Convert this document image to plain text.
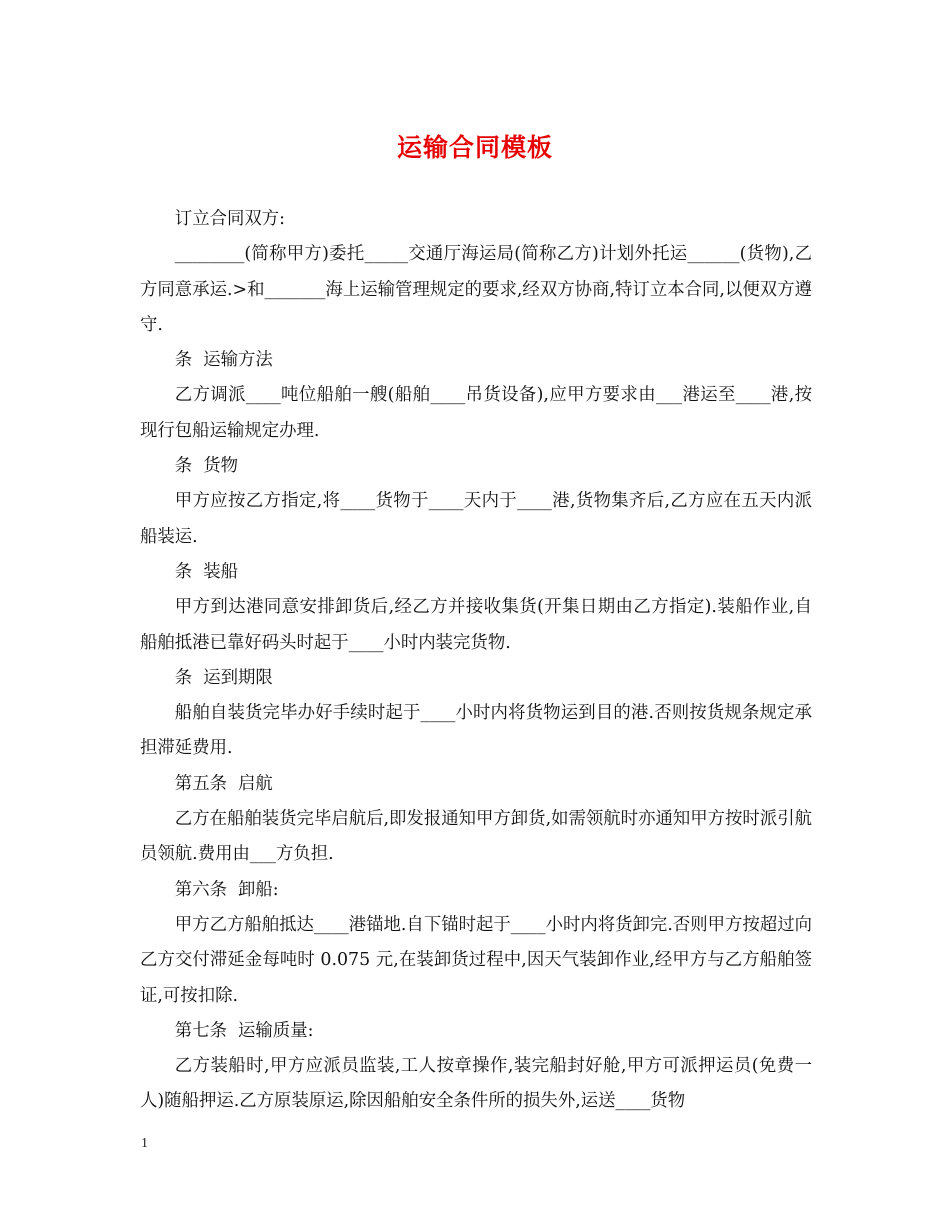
运输合同模板

订立合同双方:

________(简称甲方)委托_____交通厅海运局(简称乙方)计划外托运______(货物),乙方同意承运.>和_______海上运输管理规定的要求,经双方协商,特订立本合同,以便双方遵守.

条  运输方法

乙方调派____吨位船舶一艘(船舶____吊货设备),应甲方要求由___港运至____港,按现行包船运输规定办理.

条  货物

甲方应按乙方指定,将____货物于____天内于____港,货物集齐后,乙方应在五天内派船装运.

条  装船

甲方到达港同意安排卸货后,经乙方并接收集货(开集日期由乙方指定).装船作业,自船舶抵港已靠好码头时起于____小时内装完货物.

条  运到期限

船舶自装货完毕办好手续时起于____小时内将货物运到目的港.否则按货规条规定承担滞延费用.

第五条  启航

乙方在船舶装货完毕启航后,即发报通知甲方卸货,如需领航时亦通知甲方按时派引航员领航.费用由___方负担.

第六条  卸船:

甲方乙方船舶抵达____港锚地.自下锚时起于____小时内将货卸完.否则甲方按超过向乙方交付滞延金每吨时 0.075 元,在装卸货过程中,因天气装卸作业,经甲方与乙方船舶签证,可按扣除.

第七条  运输质量:

乙方装船时,甲方应派员监装,工人按章操作,装完船封好舱,甲方可派押运员(免费一人)随船押运.乙方原装原运,除因船舶安全条件所的损失外,运送____货物

1
